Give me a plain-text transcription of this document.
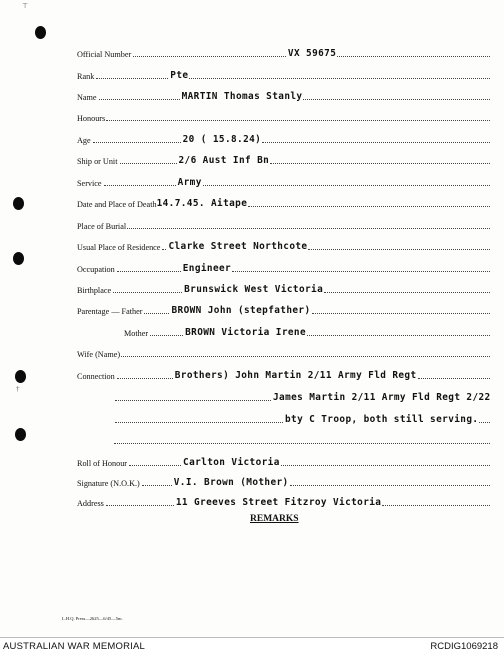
†
⊤
Official Number	VX 59675
Rank	Pte
Name	MARTIN Thomas Stanly
Honours
Age	20 ( 15.8.24)
Ship or Unit	2/6 Aust Inf Bn
Service	Army
Date and Place of Death 14.7.45. Aitape
Place of Burial
Usual Place of Residence Clarke Street Northcote
Occupation	Engineer
Birthplace	Brunswick West Victoria
Parentage — Father	BROWN John (stepfather)
Mother	BROWN Victoria Irene
Wife (Name)
Connection	Brothers) John Martin 2/11 Army Fld Regt
James Martin 2/11 Army Fld Regt 2/22
bty C Troop, both still serving.
Roll of Honour	Carlton Victoria
Signature (N.O.K.)	V.I. Brown (Mother)
Address	11 Greeves Street Fitzroy Victoria
REMARKS
L.H.Q. Press—2625—6/45—5m.
AUSTRALIAN WAR MEMORIAL	RCDIG1069218
